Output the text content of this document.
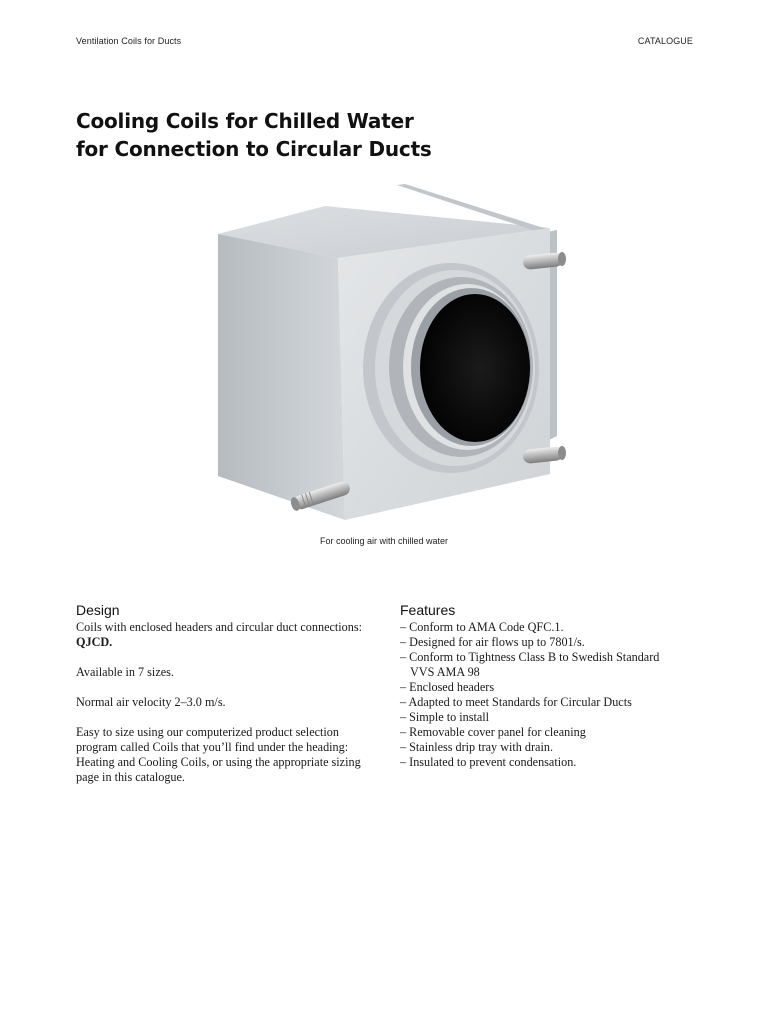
Ventilation Coils for Ducts	CATALOGUE
Cooling Coils for Chilled Water
for Connection to Circular Ducts
For cooling air with chilled water
Design

Coils with enclosed headers and circular duct connections: QJCD.

Available in 7 sizes.

Normal air velocity 2–3.0 m/s.

Easy to size using our computerized product selection program called Coils that you’ll find under the heading: Heating and Cooling Coils, or using the appropriate sizing page in this catalogue.

Features
– Conform to AMA Code QFC.1.
– Designed for air flows up to 7801/s.
– Conform to Tightness Class B to Swedish Standard
VVS AMA 98
– Enclosed headers
– Adapted to meet Standards for Circular Ducts
– Simple to install
– Removable cover panel for cleaning
– Stainless drip tray with drain.
– Insulated to prevent condensation.
